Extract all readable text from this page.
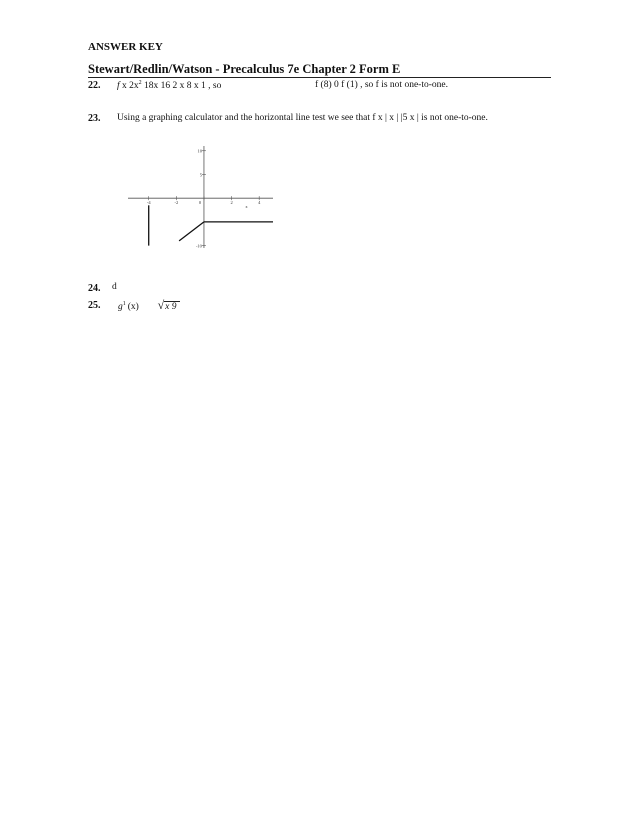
ANSWER KEY
Stewart/Redlin/Watson - Precalculus 7e Chapter 2 Form E
22. f x $2x^2$ 18x 16 2 x 8 x 1 , so	f (8) 0 f (1) , so f is not one-to-one.
23. Using a graphing calculator and the horizontal line test we see that f x | x | |5 x | is not one-to-one.
-4	-2	0	2	4
x
10
5
-10
24. d
25. $g^1$ (x) √x 9
